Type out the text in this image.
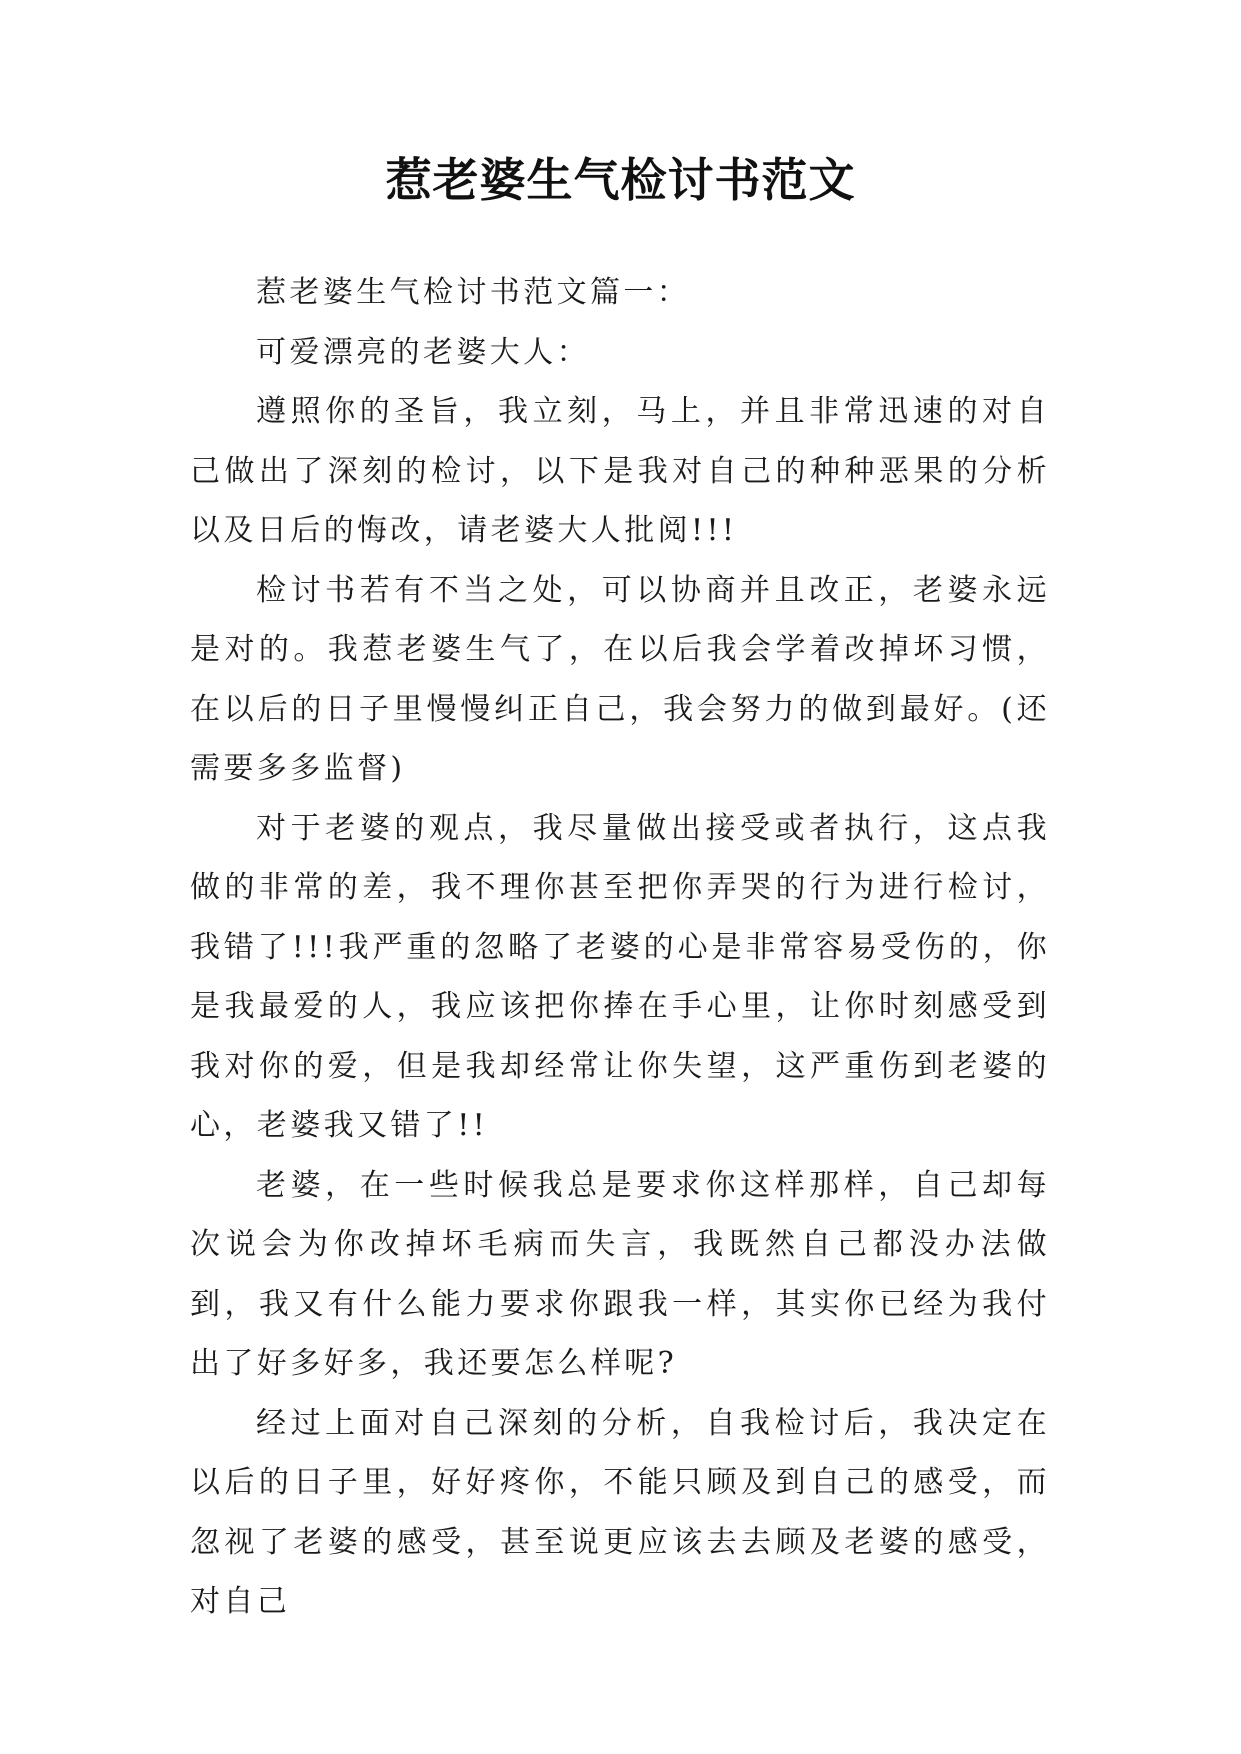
惹老婆生气检讨书范文

惹老婆生气检讨书范文篇一：

可爱漂亮的老婆大人：

遵照你的圣旨，我立刻，马上，并且非常迅速的对自己做出了深刻的检讨，以下是我对自己的种种恶果的分析以及日后的悔改，请老婆大人批阅!!!

检讨书若有不当之处，可以协商并且改正，老婆永远是对的。我惹老婆生气了，在以后我会学着改掉坏习惯，在以后的日子里慢慢纠正自己，我会努力的做到最好。(还需要多多监督)

对于老婆的观点，我尽量做出接受或者执行，这点我做的非常的差，我不理你甚至把你弄哭的行为进行检讨，我错了!!!我严重的忽略了老婆的心是非常容易受伤的，你是我最爱的人，我应该把你捧在手心里，让你时刻感受到我对你的爱，但是我却经常让你失望，这严重伤到老婆的心，老婆我又错了!!

老婆，在一些时候我总是要求你这样那样，自己却每次说会为你改掉坏毛病而失言，我既然自己都没办法做到，我又有什么能力要求你跟我一样，其实你已经为我付出了好多好多，我还要怎么样呢?

经过上面对自己深刻的分析，自我检讨后，我决定在以后的日子里，好好疼你，不能只顾及到自己的感受，而忽视了老婆的感受，甚至说更应该去去顾及老婆的感受，对自己
